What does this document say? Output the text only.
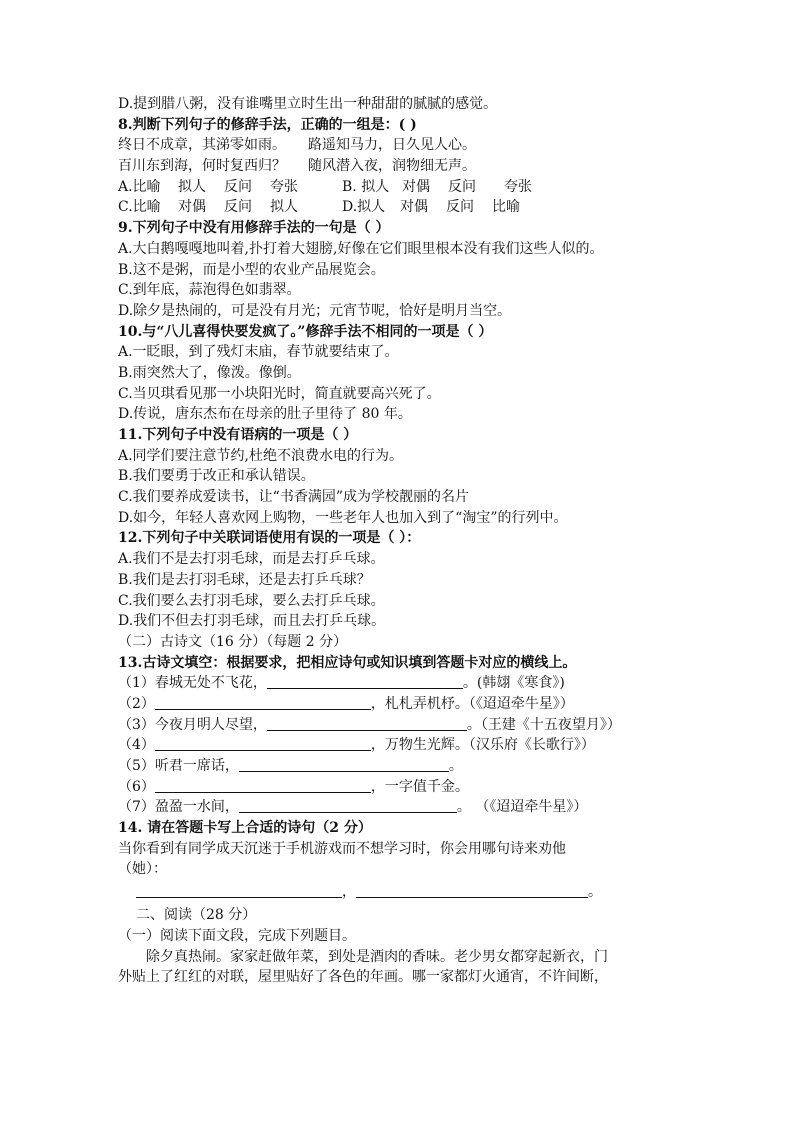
D.提到腊八粥，没有谁嘴里立时生出一种甜甜的腻腻的感觉。
8.判断下列句子的修辞手法，正确的一组是：( )
终日不成章，其涕零如雨。 路遥知马力，日久见人心。
百川东到海，何时复西归？ 随风潜入夜，润物细无声。
A.比喻 拟人 反问 夸张	B. 拟人 对偶 反问 夸张
C.比喻 对偶 反问 拟人	D.拟人 对偶 反问 比喻
9.下列句子中没有用修辞手法的一句是（ ）
A.大白鹅嘎嘎地叫着,扑打着大翅膀,好像在它们眼里根本没有我们这些人似的。
B.这不是粥，而是小型的农业产品展览会。
C.到年底，蒜泡得色如翡翠。
D.除夕是热闹的，可是没有月光；元宵节呢，恰好是明月当空。
10.与“八儿喜得快要发疯了。”修辞手法不相同的一项是（ ）
A.一眨眼，到了残灯末庙，春节就要结束了。
B.雨突然大了，像泼。像倒。
C.当贝琪看见那一小块阳光时，简直就要高兴死了。
D.传说，唐东杰布在母亲的肚子里待了 80 年。
11.下列句子中没有语病的一项是（ ）
A.同学们要注意节约,杜绝不浪费水电的行为。
B.我们要勇于改正和承认错误。
C.我们要养成爱读书，让“书香满园”成为学校靓丽的名片
D.如今，年轻人喜欢网上购物，一些老年人也加入到了“淘宝”的行列中。
12.下列句子中关联词语使用有误的一项是（ ）：
A.我们不是去打羽毛球，而是去打乒乓球。
B.我们是去打羽毛球，还是去打乒乓球？
C.我们要么去打羽毛球，要么去打乒乓球。
D.我们不但去打羽毛球，而且去打乒乓球。
（二）古诗文（16 分）（每题 2 分）
13.古诗文填空：根据要求，把相应诗句或知识填到答题卡对应的横线上。
（1）春城无处不飞花，	。(韩翃《寒食》)
（2）	，札札弄机杼。（《迢迢牵牛星》）
（3）今夜月明人尽望，	。（王建《十五夜望月》）
（4）	，万物生光辉。（汉乐府《长歌行》）
（5）听君一席话，	。
（6）	，一字值千金。
（7）盈盈一水间，	。 （《迢迢牵牛星》）
14. 请在答题卡写上合适的诗句（2 分）
当你看到有同学成天沉迷于手机游戏而不想学习时，你会用哪句诗来劝他
（她）：
，	。
二、阅读（28 分）
（一）阅读下面文段，完成下列题目。
除夕真热闹。家家赶做年菜，到处是酒肉的香味。老少男女都穿起新衣，门
外贴上了红红的对联，屋里贴好了各色的年画。哪一家都灯火通宵，不许间断，
